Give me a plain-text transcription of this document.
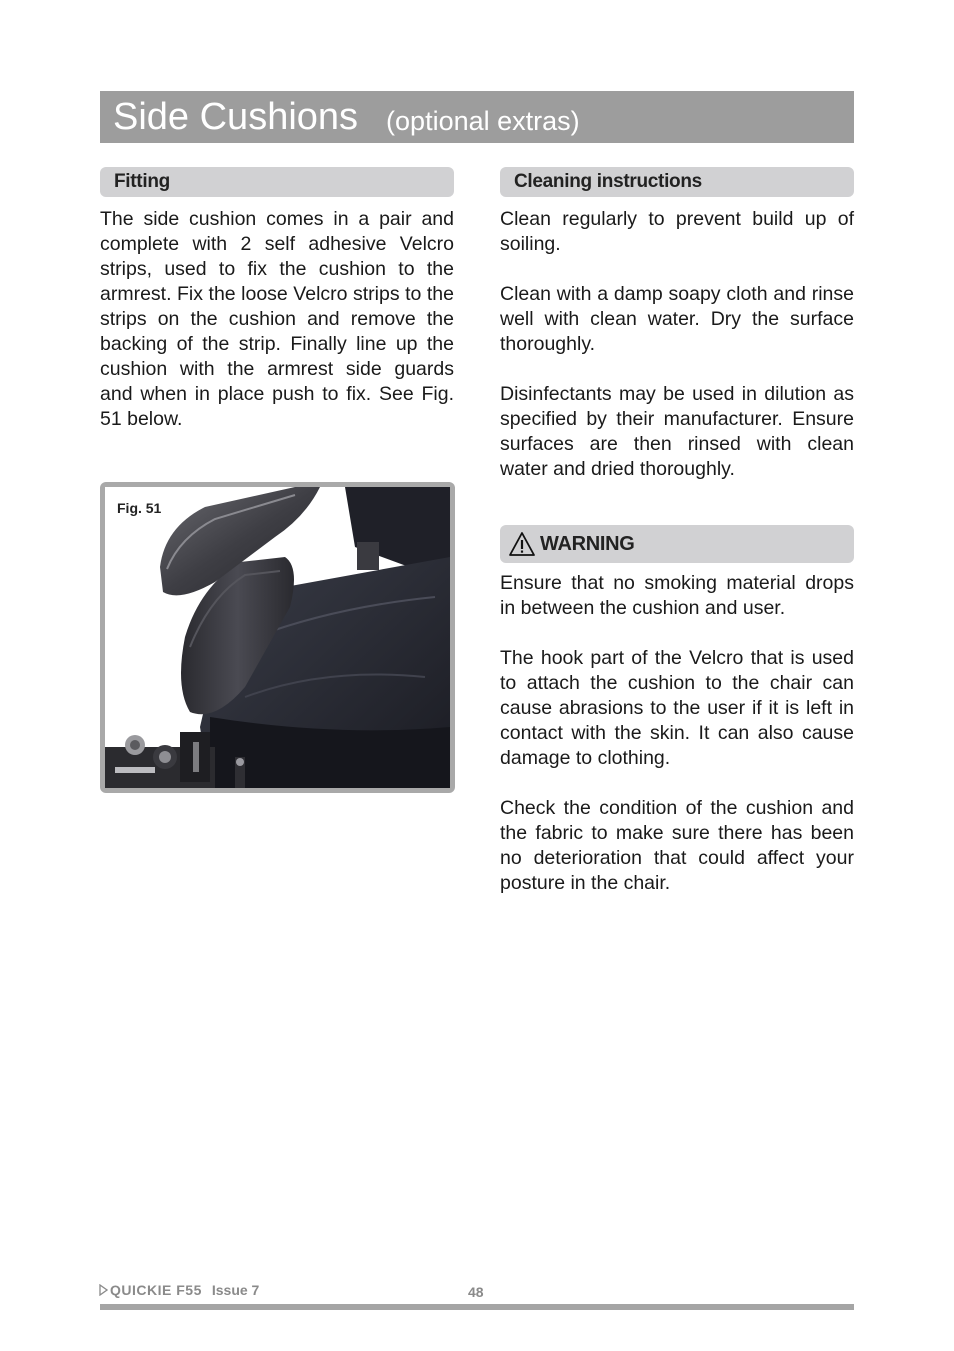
Side Cushions (optional extras)
Fitting

The side cushion comes in a pair and complete with 2 self adhesive Velcro strips, used to fix the cushion to the armrest. Fix the loose Velcro strips to the strips on the cushion and remove the backing of the strip. Finally line up the cushion with the armrest side guards and when in place push to fix. See Fig. 51 below.

Fig. 51
Cleaning instructions

Clean regularly to prevent build up of soiling.

Clean with a damp soapy cloth and rinse well with clean water. Dry the surface thoroughly.

Disinfectants may be used in dilution as specified by their manufacturer. Ensure surfaces are then rinsed with clean water and dried thoroughly.

WARNING

Ensure that no smoking material drops in between the cushion and user.

The hook part of the Velcro that is used to attach the cushion to the chair can cause abrasions to the user if it is left in contact with the skin. It can also cause damage to clothing.

Check the condition of the cushion and the fabric to make sure there has been no deterioration that could affect your posture in the chair.

QUICKIE F55 Issue 7	48
